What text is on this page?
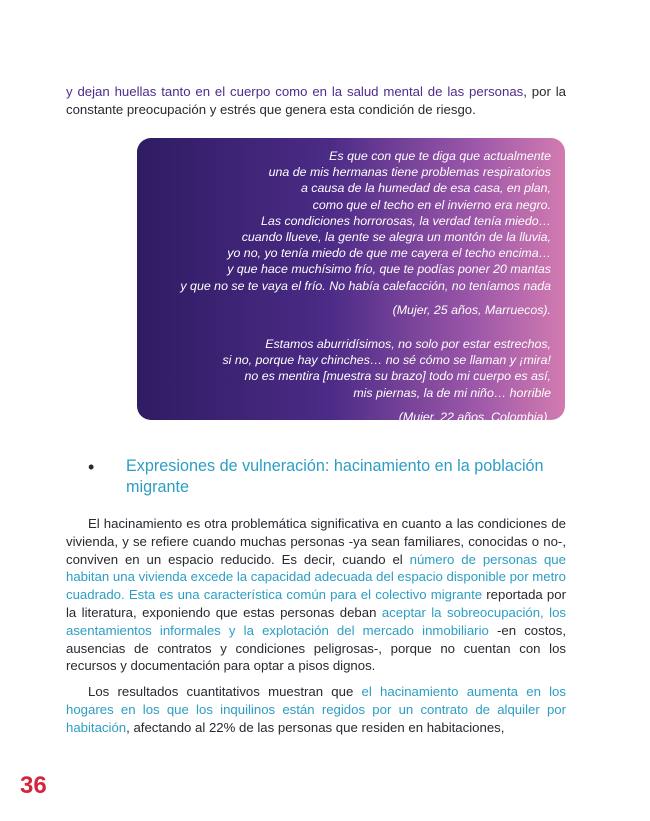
y dejan huellas tanto en el cuerpo como en la salud mental de las personas, por la constante preocupación y estrés que genera esta condición de riesgo.

Es que con que te diga que actualmente
una de mis hermanas tiene problemas respiratorios
a causa de la humedad de esa casa, en plan,
como que el techo en el invierno era negro.
Las condiciones horrorosas, la verdad tenía miedo…
cuando llueve, la gente se alegra un montón de la lluvia,
yo no, yo tenía miedo de que me cayera el techo encima…
y que hace muchísimo frío, que te podías poner 20 mantas
y que no se te vaya el frío. No había calefacción, no teníamos nada
(Mujer, 25 años, Marruecos).
Estamos aburridísimos, no solo por estar estrechos,
si no, porque hay chinches… no sé cómo se llaman y ¡mira!
no es mentira [muestra su brazo] todo mi cuerpo es así,
mis piernas, la de mi niño… horrible
(Mujer, 22 años, Colombia).
•	Expresiones de vulneración: hacinamiento en la población migrante

El hacinamiento es otra problemática significativa en cuanto a las condiciones de vivienda, y se refiere cuando muchas personas -ya sean familiares, conocidas o no-, conviven en un espacio reducido. Es decir, cuando el número de personas que habitan una vivienda excede la capacidad adecuada del espacio disponible por metro cuadrado. Esta es una característica común para el colectivo migrante reportada por la literatura, exponiendo que estas personas deban aceptar la sobreocupación, los asentamientos informales y la explotación del mercado inmobiliario -en costos, ausencias de contratos y condiciones peligrosas-, porque no cuentan con los recursos y documentación para optar a pisos dignos.

Los resultados cuantitativos muestran que el hacinamiento aumenta en los hogares en los que los inquilinos están regidos por un contrato de alquiler por habitación, afectando al 22% de las personas que residen en habitaciones,

36
